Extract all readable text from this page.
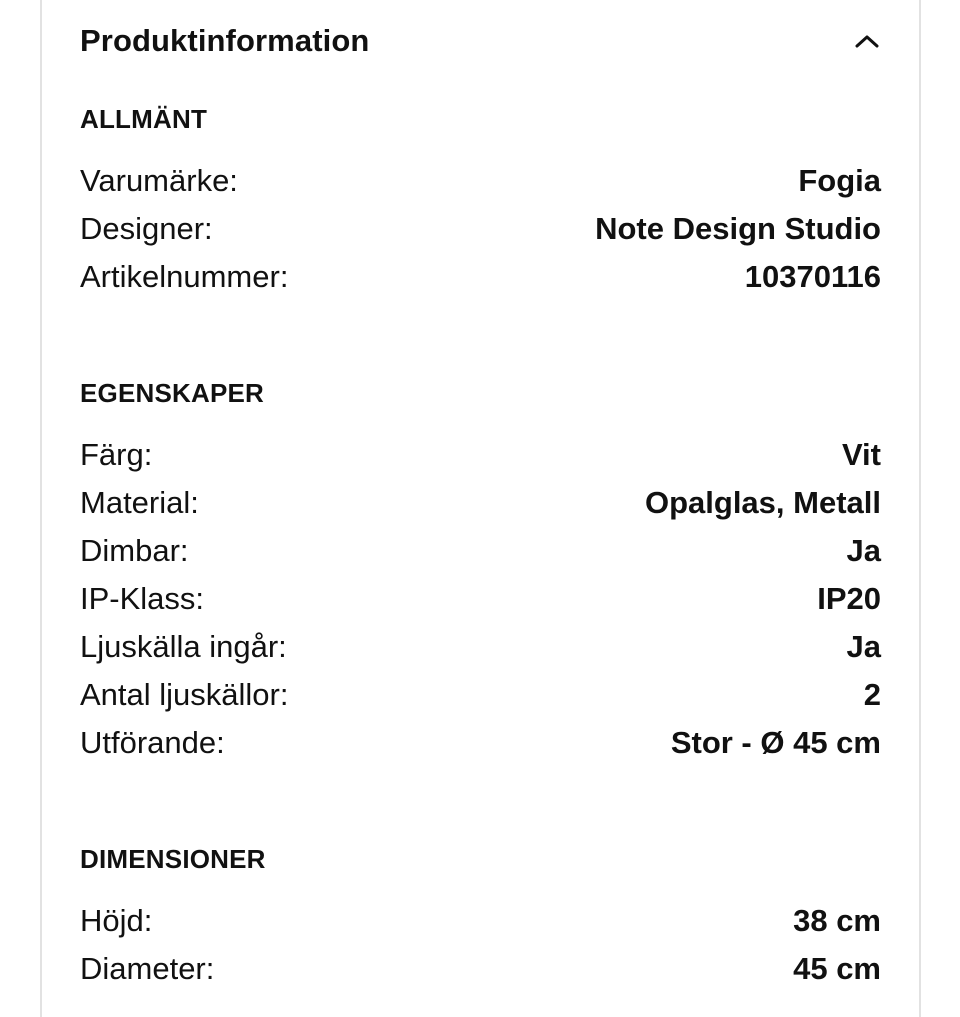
Produktinformation
ALLMÄNT
Varumärke:	Fogia
Designer:	Note Design Studio
Artikelnummer:	10370116
EGENSKAPER
Färg:	Vit
Material:	Opalglas, Metall
Dimbar:	Ja
IP-Klass:	IP20
Ljuskälla ingår:	Ja
Antal ljuskällor:	2
Utförande:	Stor - Ø 45 cm
DIMENSIONER
Höjd:	38 cm
Diameter:	45 cm
